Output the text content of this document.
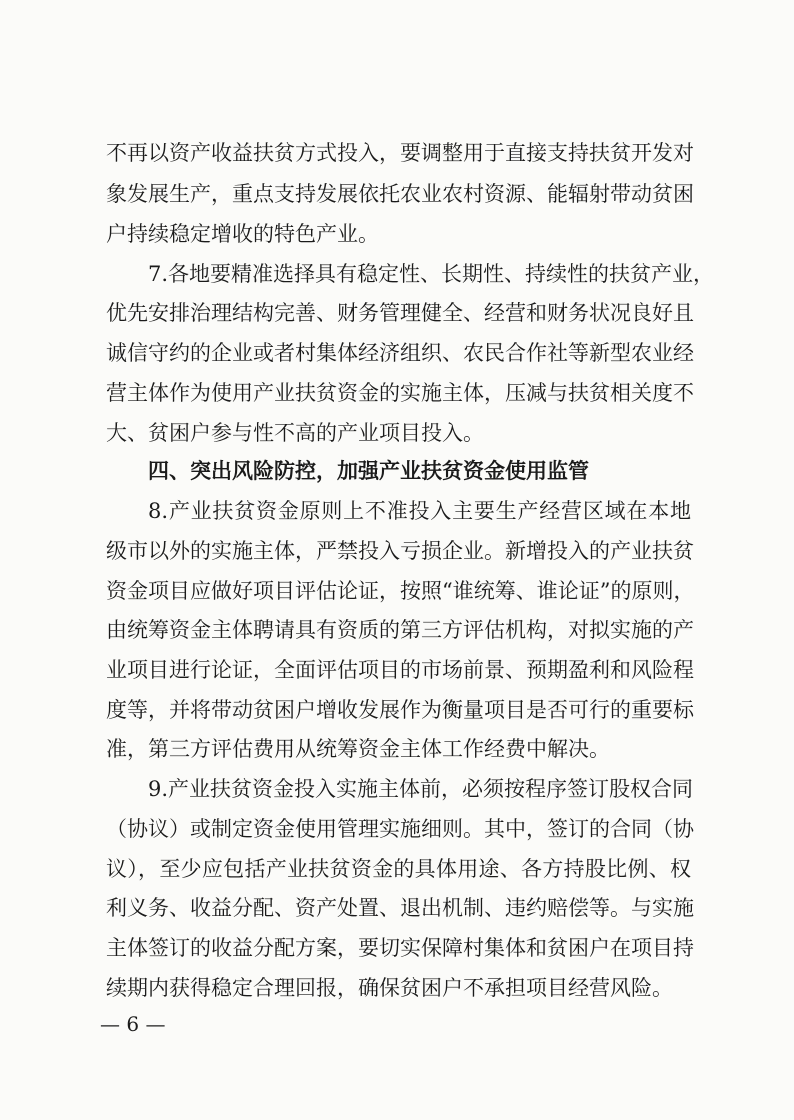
不再以资产收益扶贫方式投入，要调整用于直接支持扶贫开发对
象发展生产，重点支持发展依托农业农村资源、能辐射带动贫困
户持续稳定增收的特色产业。
7.各地要精准选择具有稳定性、长期性、持续性的扶贫产业，
优先安排治理结构完善、财务管理健全、经营和财务状况良好且
诚信守约的企业或者村集体经济组织、农民合作社等新型农业经
营主体作为使用产业扶贫资金的实施主体，压减与扶贫相关度不
大、贫困户参与性不高的产业项目投入。
四、突出风险防控，加强产业扶贫资金使用监管
8.产业扶贫资金原则上不准投入主要生产经营区域在本地
级市以外的实施主体，严禁投入亏损企业。新增投入的产业扶贫
资金项目应做好项目评估论证，按照“谁统筹、谁论证”的原则，
由统筹资金主体聘请具有资质的第三方评估机构，对拟实施的产
业项目进行论证，全面评估项目的市场前景、预期盈利和风险程
度等，并将带动贫困户增收发展作为衡量项目是否可行的重要标
准，第三方评估费用从统筹资金主体工作经费中解决。
9.产业扶贫资金投入实施主体前，必须按程序签订股权合同
（协议）或制定资金使用管理实施细则。其中，签订的合同（协
议），至少应包括产业扶贫资金的具体用途、各方持股比例、权
利义务、收益分配、资产处置、退出机制、违约赔偿等。与实施
主体签订的收益分配方案，要切实保障村集体和贫困户在项目持
续期内获得稳定合理回报，确保贫困户不承担项目经营风险。
— 6 —
